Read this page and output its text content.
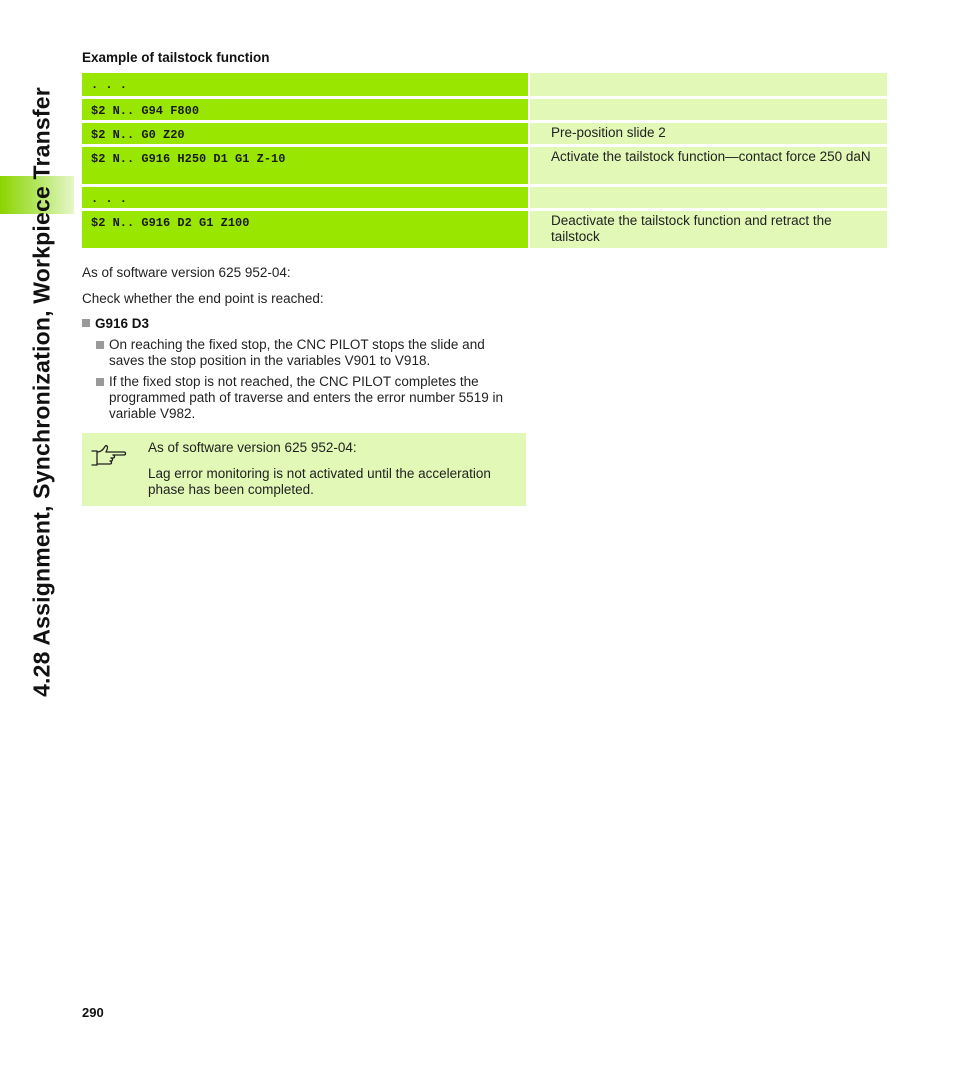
4.28 Assignment, Synchronization, Workpiece Transfer
Example of tailstock function
. . .
$2 N.. G94 F800
$2 N.. G0 Z20	Pre-position slide 2
$2 N.. G916 H250 D1 G1 Z-10	Activate the tailstock function—contact force 250 daN
. . .
$2 N.. G916 D2 G1 Z100	Deactivate the tailstock function and retract the tailstock
As of software version 625 952-04:
Check whether the end point is reached:
G916 D3
On reaching the fixed stop, the CNC PILOT stops the slide and saves the stop position in the variables V901 to V918.
If the fixed stop is not reached, the CNC PILOT completes the programmed path of traverse and enters the error number 5519 in variable V982.
As of software version 625 952-04:
Lag error monitoring is not activated until the acceleration phase has been completed.
290
